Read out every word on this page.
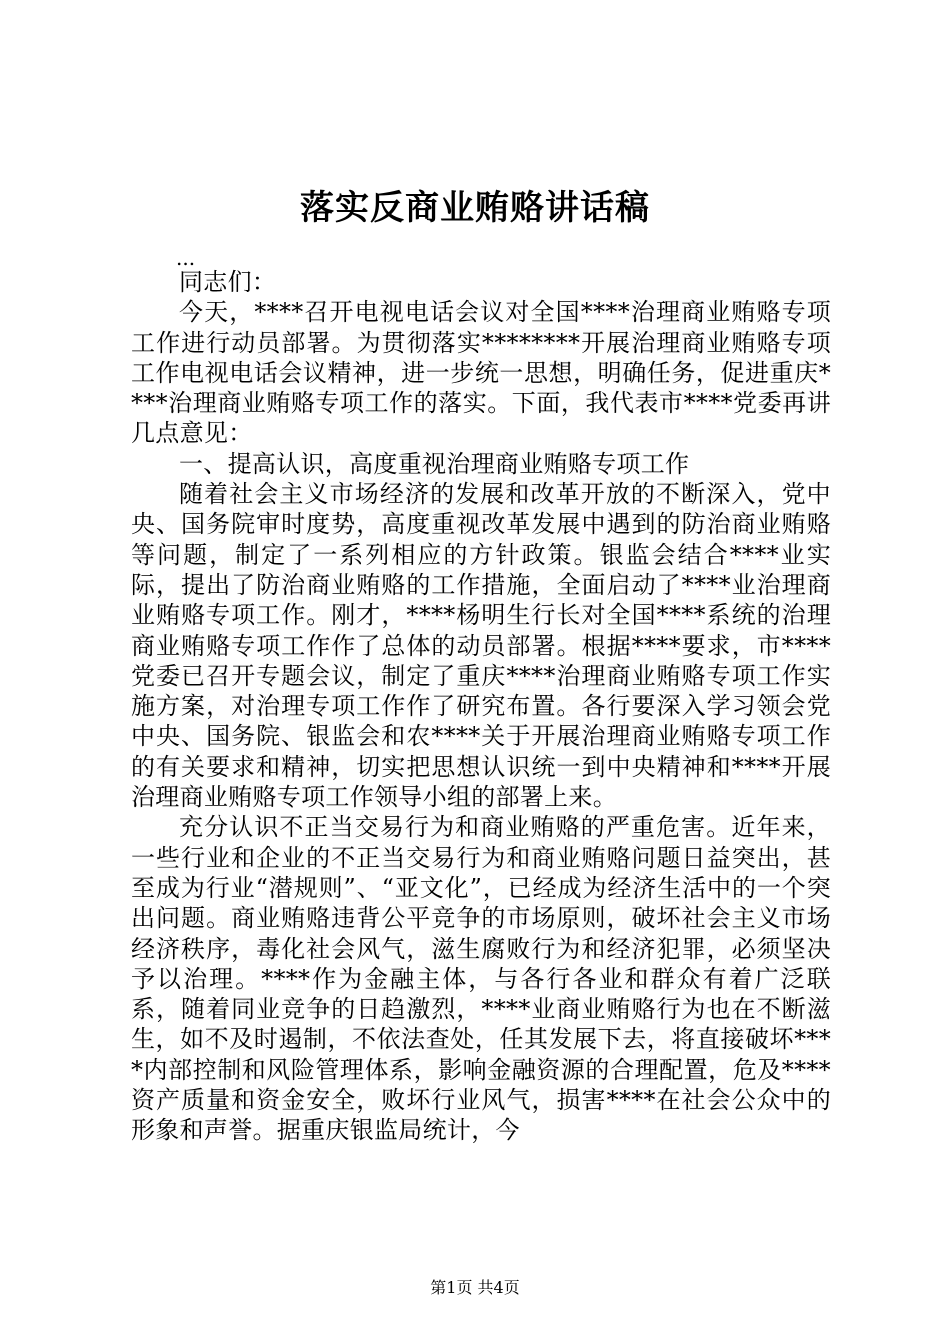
落实反商业贿赂讲话稿
...

同志们：

今天，****召开电视电话会议对全国****治理商业贿赂专项工作进行动员部署。为贯彻落实********开展治理商业贿赂专项工作电视电话会议精神，进一步统一思想，明确任务，促进重庆****治理商业贿赂专项工作的落实。下面，我代表市****党委再讲几点意见：

一、提高认识，高度重视治理商业贿赂专项工作

随着社会主义市场经济的发展和改革开放的不断深入，党中央、国务院审时度势，高度重视改革发展中遇到的防治商业贿赂等问题，制定了一系列相应的方针政策。银监会结合****业实际，提出了防治商业贿赂的工作措施，全面启动了****业治理商业贿赂专项工作。刚才，****杨明生行长对全国****系统的治理商业贿赂专项工作作了总体的动员部署。根据****要求，市****党委已召开专题会议，制定了重庆****治理商业贿赂专项工作实施方案，对治理专项工作作了研究布置。各行要深入学习领会党中央、国务院、银监会和农****关于开展治理商业贿赂专项工作的有关要求和精神，切实把思想认识统一到中央精神和****开展治理商业贿赂专项工作领导小组的部署上来。

充分认识不正当交易行为和商业贿赂的严重危害。近年来，一些行业和企业的不正当交易行为和商业贿赂问题日益突出，甚至成为行业“潜规则”、“亚文化”，已经成为经济生活中的一个突出问题。商业贿赂违背公平竞争的市场原则，破坏社会主义市场经济秩序，毒化社会风气，滋生腐败行为和经济犯罪，必须坚决予以治理。****作为金融主体，与各行各业和群众有着广泛联系，随着同业竞争的日趋激烈，****业商业贿赂行为也在不断滋生，如不及时遏制，不依法查处，任其发展下去，将直接破坏****内部控制和风险管理体系，影响金融资源的合理配置，危及****资产质量和资金安全，败坏行业风气，损害****在社会公众中的形象和声誉。据重庆银监局统计，今

第1页 共4页
